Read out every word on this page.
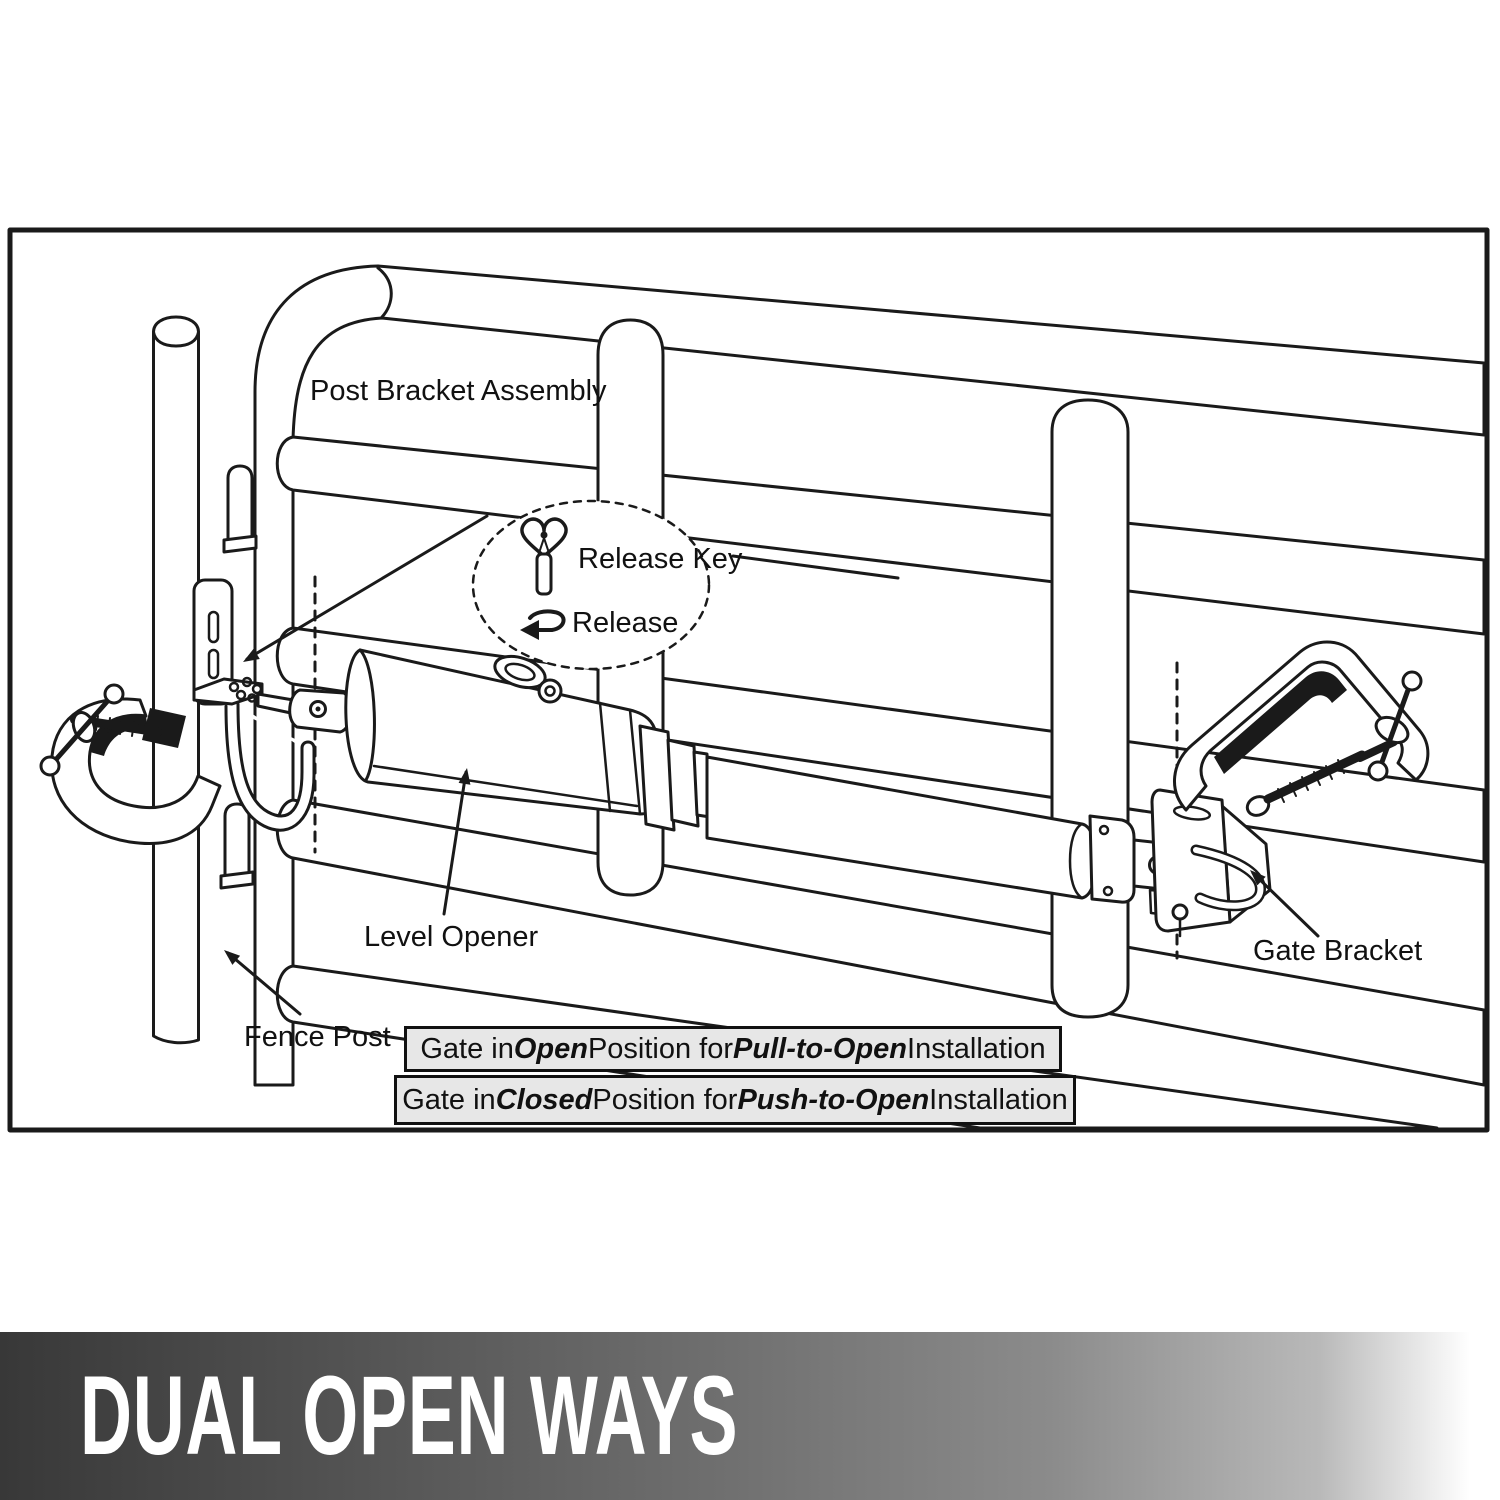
Post Bracket Assembly
Release Key
Release
Level Opener
Fence Post
Gate Bracket
Gate in Open Position for Pull-to-Open Installation
Gate in Closed Position for Push-to-Open Installation
DUAL OPEN WAYS
